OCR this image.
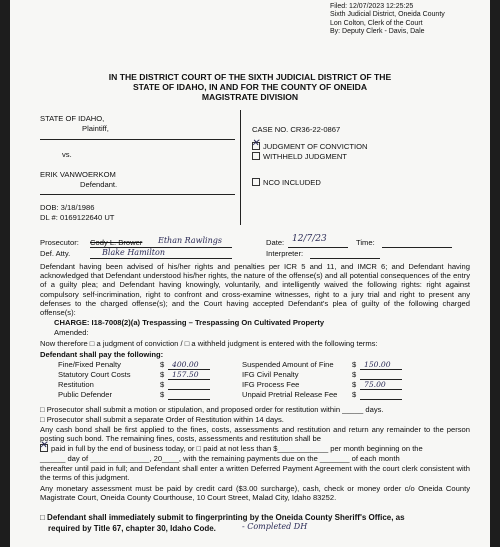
Filed: 12/07/2023 12:25:25
Sixth Judicial District, Oneida County
Lon Colton, Clerk of the Court
By: Deputy Clerk - Davis, Dale
IN THE DISTRICT COURT OF THE SIXTH JUDICIAL DISTRICT OF THE
STATE OF IDAHO, IN AND FOR THE COUNTY OF ONEIDA
MAGISTRATE DIVISION
STATE OF IDAHO,
Plaintiff,
vs.
ERIK VANWOERKOM
Defendant.
DOB: 3/18/1986
DL #: 0169122640 UT
CASE NO. CR36-22-0867
✕ JUDGMENT OF CONVICTION
WITHHELD JUDGMENT
NCO INCLUDED
Prosecutor: Cody L. Brower Ethan Rawlings
Def. Atty.	Blake Hamilton
Date: 12/7/23	Time:
Interpreter:
Defendant having been advised of his/her rights and penalties per ICR 5 and 11, and IMCR 6; and Defendant having acknowledged that Defendant understood his/her rights, the nature of the offense(s) and all potential consequences of the entry of a guilty plea; and Defendant having knowingly, voluntarily, and intelligently waived the following rights: right against compulsory self-incrimination, right to confront and cross-examine witnesses, right to a jury trial and right to present any defenses to the charged offense(s); and the Court having accepted Defendant's plea of guilty of the following charged offense(s):
CHARGE: I18-7008(2)(a) Trespassing – Trespassing On Cultivated Property
Amended:
Now therefore □ a judgment of conviction / □ a withheld judgment is entered with the following terms:
Defendant shall pay the following:
Fine/Fixed Penalty	$	400.00	Suspended Amount of Fine $	150.00
Statutory Court Costs	$	157.50	IFG Civil Penalty	$
Restitution	$	IFG Process Fee	$	75.00
Public Defender	$	Unpaid Pretrial Release Fee $
□ Prosecutor shall submit a motion or stipulation, and proposed order for restitution within _____ days.
□ Prosecutor shall submit a separate Order of Restitution within 14 days.
Any cash bond shall be first applied to the fines, costs, assessments and restitution and return any remainder to the person posting such bond. The remaining fines, costs, assessments and restitution shall be
✕ paid in full by the end of business today, or □ paid at not less than $____________ per month beginning on the
______ day of ______________, 20____, with the remaining payments due on the _______ of each month
thereafter until paid in full; and Defendant shall enter a written Deferred Payment Agreement with the court clerk consistent with the terms of this judgment.
Any monetary assessment must be paid by credit card ($3.00 surcharge), cash, check or money order c/o Oneida County Magistrate Court, Oneida County Courthouse, 10 Court Street, Malad City, Idaho 83252.
□ Defendant shall immediately submit to fingerprinting by the Oneida County Sheriff's Office, as
required by Title 67, chapter 30, Idaho Code.	- Completed DH
